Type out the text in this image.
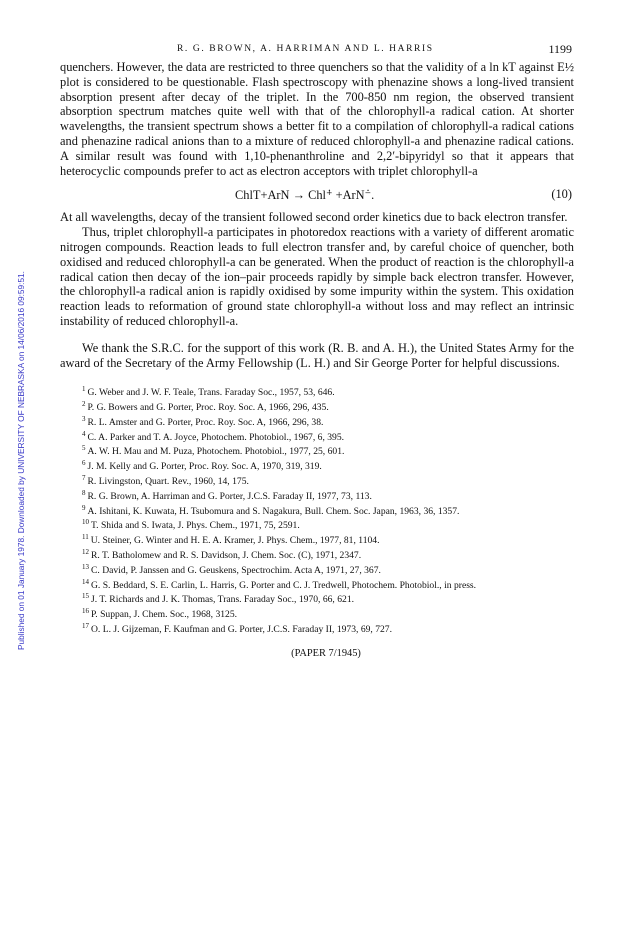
Published on 01 January 1978. Downloaded by UNIVERSITY OF NEBRASKA on 14/06/2016 09:59:51.
R. G. BROWN, A. HARRIMAN AND L. HARRIS	1199

quenchers. However, the data are restricted to three quenchers so that the validity of a ln kT against E½ plot is considered to be questionable. Flash spectroscopy with phenazine shows a long-lived transient absorption present after decay of the triplet. In the 700-850 nm region, the observed transient absorption spectrum matches quite well with that of the chlorophyll-a radical cation. At shorter wavelengths, the transient spectrum shows a better fit to a compilation of chlorophyll-a radical cations and phenazine radical anions than to a mixture of reduced chlorophyll-a and phenazine radical cations. A similar result was found with 1,10-phenanthroline and 2,2′-bipyridyl so that it appears that heterocyclic compounds prefer to act as electron acceptors with triplet chlorophyll-a

ChlT+ArN → Chl⁺̇ +ArN⁻̇.	(10)

At all wavelengths, decay of the transient followed second order kinetics due to back electron transfer.

Thus, triplet chlorophyll-a participates in photoredox reactions with a variety of different aromatic nitrogen compounds. Reaction leads to full electron transfer and, by careful choice of quencher, both oxidised and reduced chlorophyll-a can be generated. When the product of reaction is the chlorophyll-a radical cation then decay of the ion–pair proceeds rapidly by simple back electron transfer. However, the chlorophyll-a radical anion is rapidly oxidised by some impurity within the system. This oxidation reaction leads to reformation of ground state chlorophyll-a without loss and may reflect an intrinsic instability of reduced chlorophyll-a.

We thank the S.R.C. for the support of this work (R. B. and A. H.), the United States Army for the award of the Secretary of the Army Fellowship (L. H.) and Sir George Porter for helpful discussions.

$^1$ G. Weber and J. W. F. Teale, Trans. Faraday Soc., 1957, 53, 646.
$^2$ P. G. Bowers and G. Porter, Proc. Roy. Soc. A, 1966, 296, 435.
$^3$ R. L. Amster and G. Porter, Proc. Roy. Soc. A, 1966, 296, 38.
$^4$ C. A. Parker and T. A. Joyce, Photochem. Photobiol., 1967, 6, 395.
$^5$ A. W. H. Mau and M. Puza, Photochem. Photobiol., 1977, 25, 601.
$^6$ J. M. Kelly and G. Porter, Proc. Roy. Soc. A, 1970, 319, 319.
$^7$ R. Livingston, Quart. Rev., 1960, 14, 175.
$^8$ R. G. Brown, A. Harriman and G. Porter, J.C.S. Faraday II, 1977, 73, 113.
$^9$ A. Ishitani, K. Kuwata, H. Tsubomura and S. Nagakura, Bull. Chem. Soc. Japan, 1963, 36, 1357.
$^{10}$ T. Shida and S. Iwata, J. Phys. Chem., 1971, 75, 2591.
$^{11}$ U. Steiner, G. Winter and H. E. A. Kramer, J. Phys. Chem., 1977, 81, 1104.
$^{12}$ R. T. Batholomew and R. S. Davidson, J. Chem. Soc. (C), 1971, 2347.
$^{13}$ C. David, P. Janssen and G. Geuskens, Spectrochim. Acta A, 1971, 27, 367.
$^{14}$ G. S. Beddard, S. E. Carlin, L. Harris, G. Porter and C. J. Tredwell, Photochem. Photobiol., in press.
$^{15}$ J. T. Richards and J. K. Thomas, Trans. Faraday Soc., 1970, 66, 621.
$^{16}$ P. Suppan, J. Chem. Soc., 1968, 3125.
$^{17}$ O. L. J. Gijzeman, F. Kaufman and G. Porter, J.C.S. Faraday II, 1973, 69, 727.
(PAPER 7/1945)
